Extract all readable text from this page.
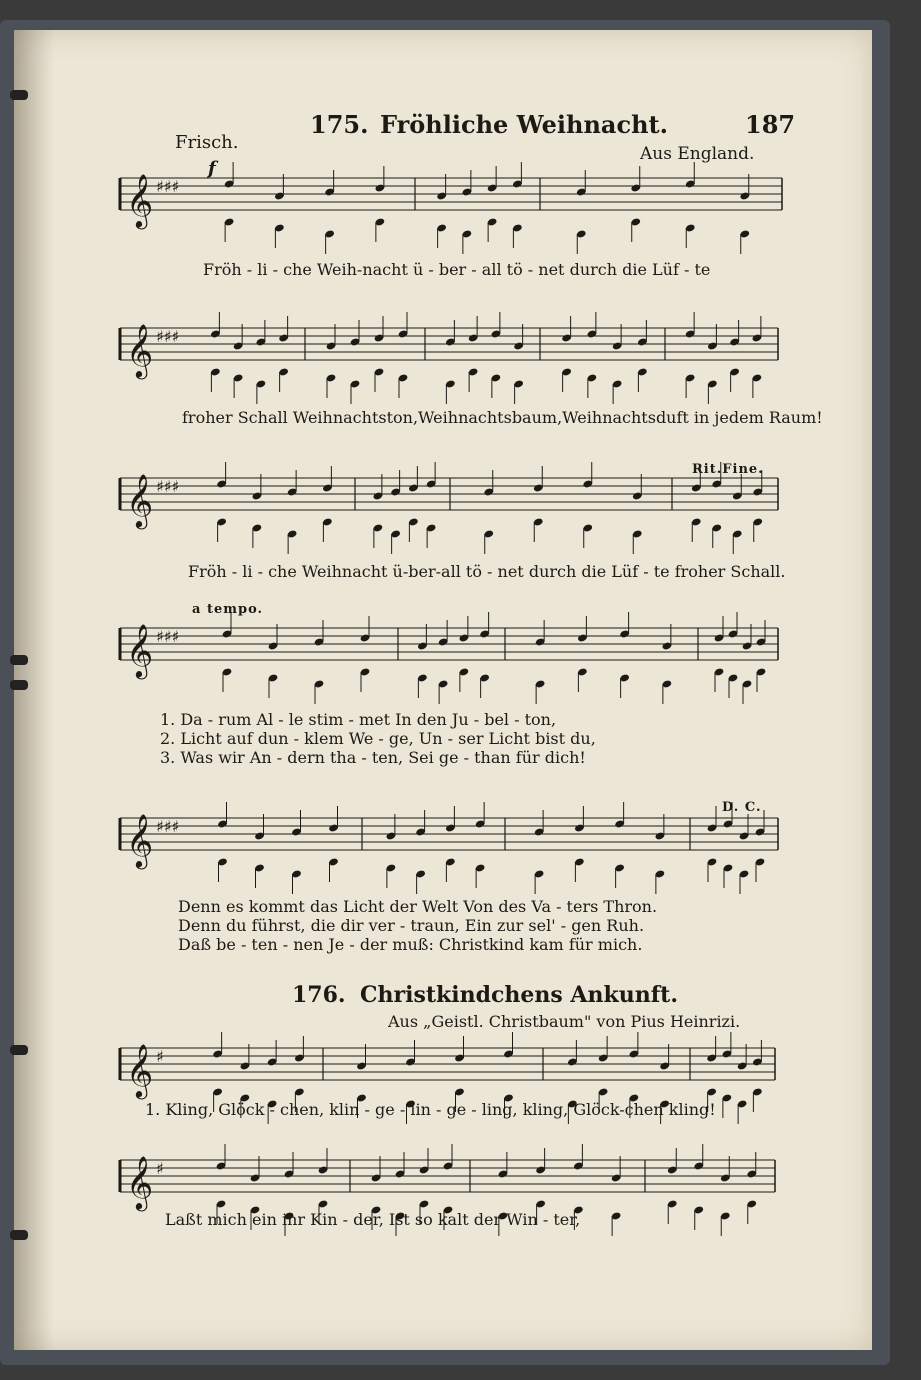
175. Fröhliche Weihnacht.	187
Frisch.
Aus England.
𝄞 ♯♯♯
𝄞 ♯♯♯
𝄞 ♯♯♯
𝄞 ♯♯♯
𝄞 ♯♯♯
𝄞 ♯
𝄞 ♯
f
Fröh - li - che Weih-nacht ü - ber - all tö - net durch die Lüf - te
froher Schall Weihnachtston,Weihnachtsbaum,Weihnachtsduft in jedem Raum!
Rit.Fine.
Fröh - li - che Weihnacht ü-ber-all tö - net durch die Lüf - te froher Schall.
a tempo.
1. Da - rum Al - le stim - met In den Ju - bel - ton,
2. Licht auf dun - klem We - ge, Un - ser Licht bist du,
3. Was wir An - dern tha - ten, Sei ge - than für dich!
D. C.
Denn es kommt das Licht der Welt Von des Va - ters Thron.
Denn du führst, die dir ver - traun, Ein zur sel' - gen Ruh.
Daß be - ten - nen Je - der muß: Christkind kam für mich.
176. Christkindchens Ankunft.
Aus „Geistl. Christbaum" von Pius Heinrizi.
1. Kling, Glöck - chen, klin - ge - lin - ge - ling, kling, Glöck-chen kling!
Laßt mich ein ihr Kin - der, Ist so kalt der Win - ter,
